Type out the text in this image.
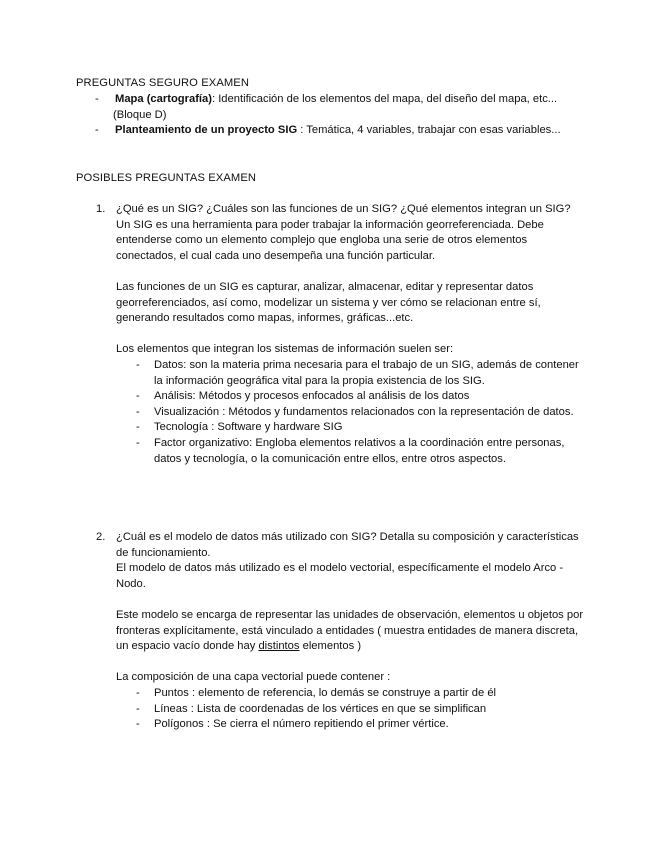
PREGUNTAS SEGURO EXAMEN
- Mapa (cartografía): Identificación de los elementos del mapa, del diseño del mapa, etc... (Bloque D)
- Planteamiento de un proyecto SIG : Temática, 4 variables, trabajar con esas variables...
POSIBLES PREGUNTAS EXAMEN
1. ¿Qué es un SIG? ¿Cuáles son las funciones de un SIG? ¿Qué elementos integran un SIG?

Un SIG es una herramienta para poder trabajar la información georreferenciada. Debe entenderse como un elemento complejo que engloba una serie de otros elementos conectados, el cual cada uno desempeña una función particular.

Las funciones de un SIG es capturar, analizar, almacenar, editar y representar datos georreferenciados, así como, modelizar un sistema y ver cómo se relacionan entre sí, generando resultados como mapas, informes, gráficas...etc.

Los elementos que integran los sistemas de información suelen ser:

- Datos: son la materia prima necesaria para el trabajo de un SIG, además de contener la información geográfica vital para la propia existencia de los SIG.
- Análisis: Métodos y procesos enfocados al análisis de los datos
- Visualización : Métodos y fundamentos relacionados con la representación de datos.
- Tecnología : Software y hardware SIG
- Factor organizativo: Engloba elementos relativos a la coordinación entre personas, datos y tecnología, o la comunicación entre ellos, entre otros aspectos.
2. ¿Cuál es el modelo de datos más utilizado con SIG? Detalla su composición y características de funcionamiento.

El modelo de datos más utilizado es el modelo vectorial, específicamente el modelo Arco - Nodo.

Este modelo se encarga de representar las unidades de observación, elementos u objetos por fronteras explícitamente, está vinculado a entidades ( muestra entidades de manera discreta, un espacio vacío donde hay distintos elementos )

La composición de una capa vectorial puede contener :

- Puntos : elemento de referencia, lo demás se construye a partir de él
- Líneas : Lista de coordenadas de los vértices en que se simplifican
- Polígonos : Se cierra el número repitiendo el primer vértice.
